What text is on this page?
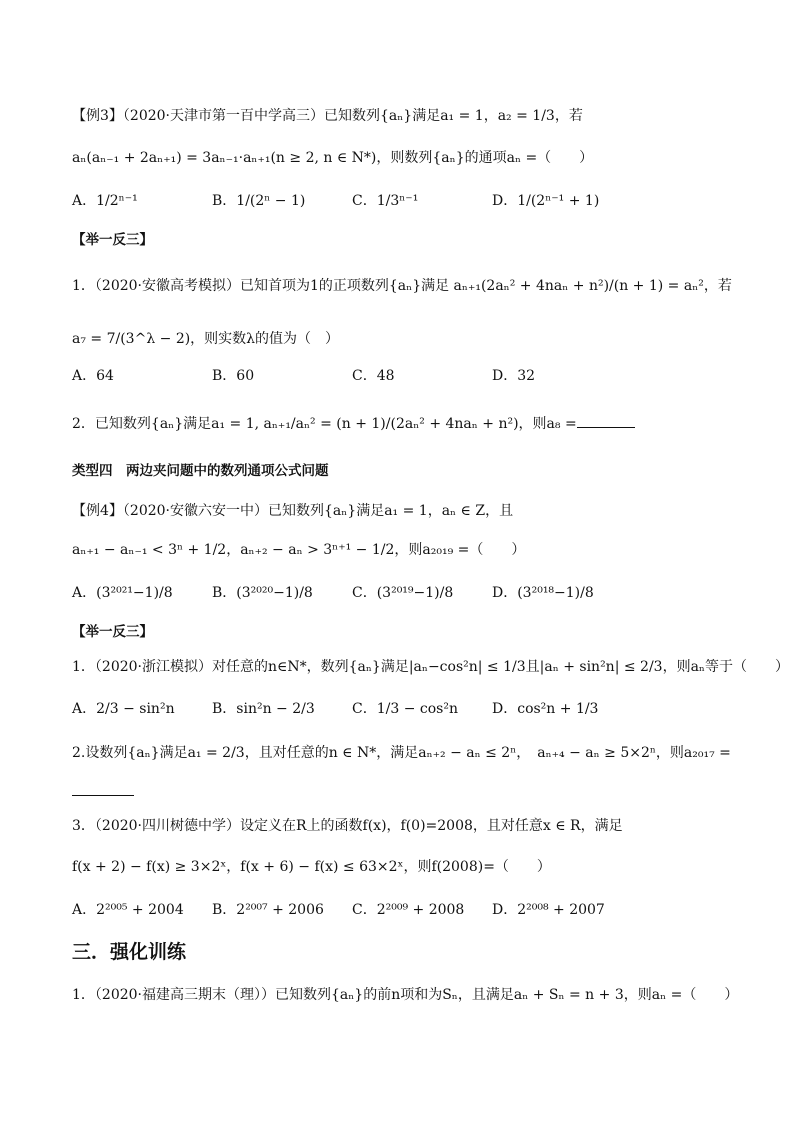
【例3】（2020·天津市第一百中学高三）已知数列{aₙ}满足a₁ = 1，a₂ = 1/3，若
aₙ(aₙ₋₁ + 2aₙ₊₁) = 3aₙ₋₁·aₙ₊₁(n ≥ 2, n ∈ N*)，则数列{aₙ}的通项aₙ =（　　）
A．1/2ⁿ⁻¹	B．1/(2ⁿ − 1)	C．1/3ⁿ⁻¹	D．1/(2ⁿ⁻¹ + 1)
【举一反三】
1．（2020·安徽高考模拟）已知首项为1的正项数列{aₙ}满足 aₙ₊₁(2aₙ² + 4naₙ + n²)/(n + 1) = aₙ²，若
a₇ = 7/(3^λ − 2)，则实数λ的值为（　）
A．64	B．60	C．48	D．32
2．已知数列{aₙ}满足a₁ = 1, aₙ₊₁/aₙ² = (n + 1)/(2aₙ² + 4naₙ + n²)，则a₈ =
类型四　两边夹问题中的数列通项公式问题
【例4】（2020·安徽六安一中）已知数列{aₙ}满足a₁ = 1，aₙ ∈ Z，且
aₙ₊₁ − aₙ₋₁ < 3ⁿ + 1/2，aₙ₊₂ − aₙ > 3ⁿ⁺¹ − 1/2，则a₂₀₁₉ =（　　）
A．(3²⁰²¹−1)/8	B．(3²⁰²⁰−1)/8	C．(3²⁰¹⁹−1)/8	D．(3²⁰¹⁸−1)/8
【举一反三】
1．（2020·浙江模拟）对任意的n∈N*，数列{aₙ}满足|aₙ−cos²n| ≤ 1/3且|aₙ + sin²n| ≤ 2/3，则aₙ等于（　　）
A．2/3 − sin²n	B．sin²n − 2/3	C．1/3 − cos²n	D．cos²n + 1/3
2.设数列{aₙ}满足a₁ = 2/3，且对任意的n ∈ N*，满足aₙ₊₂ − aₙ ≤ 2ⁿ，　aₙ₊₄ − aₙ ≥ 5×2ⁿ，则a₂₀₁₇ =
3．（2020·四川树德中学）设定义在R上的函数f(x)，f(0)=2008，且对任意x ∈ R，满足
f(x + 2) − f(x) ≥ 3×2ˣ，f(x + 6) − f(x) ≤ 63×2ˣ，则f(2008)=（　　）
A．2²⁰⁰⁵ + 2004	B．2²⁰⁰⁷ + 2006	C．2²⁰⁰⁹ + 2008	D．2²⁰⁰⁸ + 2007
三．强化训练
1．（2020·福建高三期末（理））已知数列{aₙ}的前n项和为Sₙ，且满足aₙ + Sₙ = n + 3，则aₙ =（　　）
